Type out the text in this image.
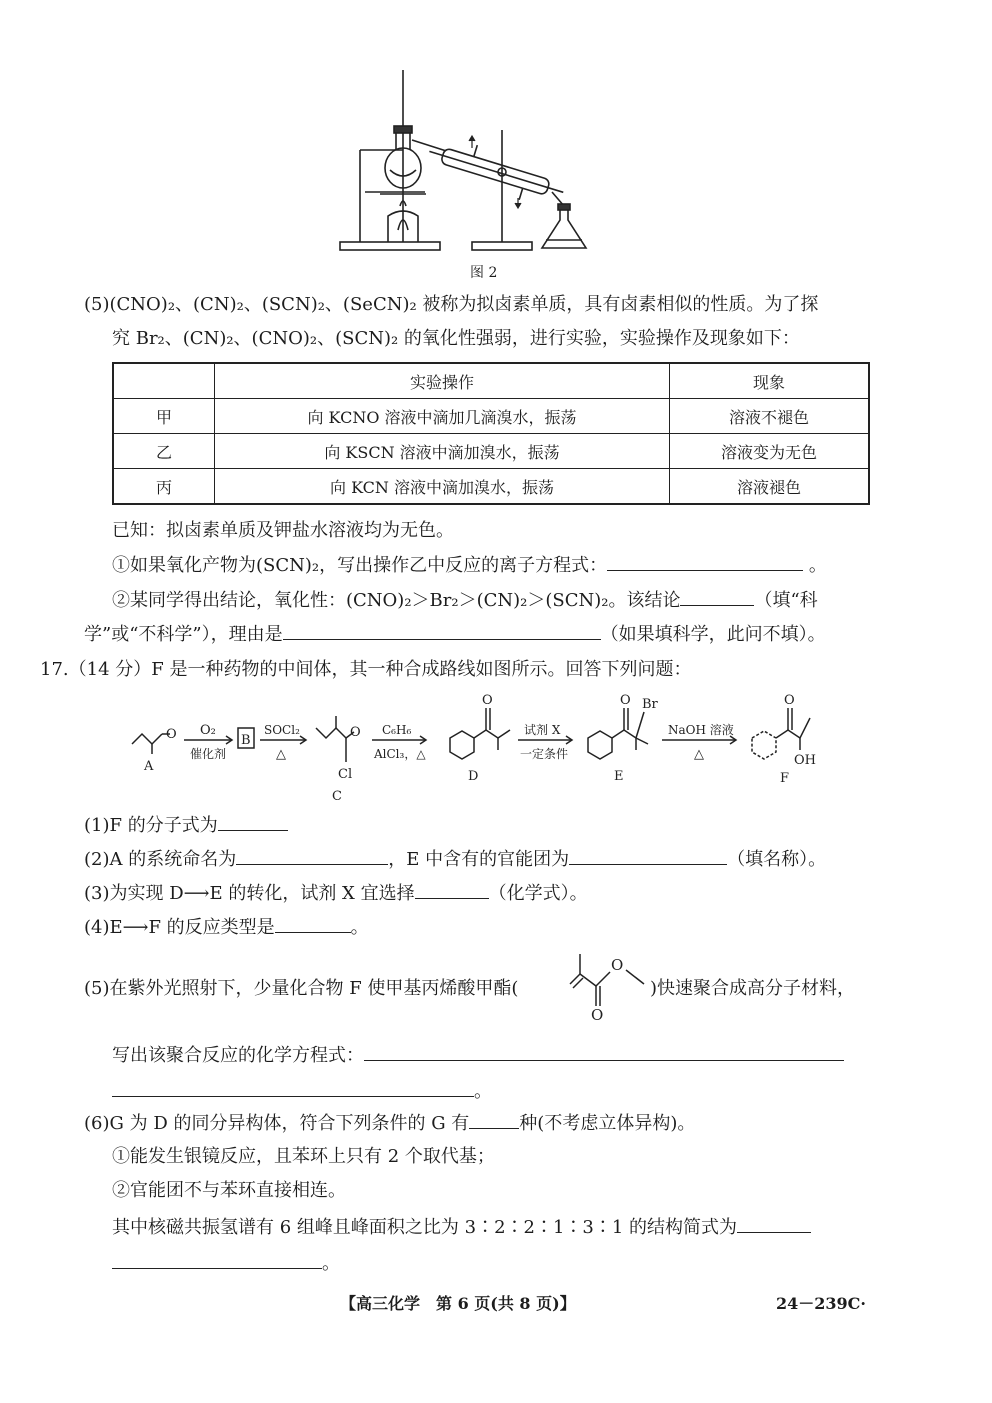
图 2
(5)(CNO)₂、(CN)₂、(SCN)₂、(SeCN)₂ 被称为拟卤素单质，具有卤素相似的性质。为了探
究 Br₂、(CN)₂、(CNO)₂、(SCN)₂ 的氧化性强弱，进行实验，实验操作及现象如下：
	实验操作	现象
甲	向 KCNO 溶液中滴加几滴溴水，振荡	溶液不褪色
乙	向 KSCN 溶液中滴加溴水，振荡	溶液变为无色
丙	向 KCN 溶液中滴加溴水，振荡	溶液褪色
已知：拟卤素单质及钾盐水溶液均为无色。
①如果氧化产物为(SCN)₂，写出操作乙中反应的离子方程式：	。
②某同学得出结论，氧化性：(CNO)₂＞Br₂＞(CN)₂＞(SCN)₂。该结论	（填“科
学”或“不科学”），理由是	（如果填科学，此问不填）。
17.（14 分）F 是一种药物的中间体，其一种合成路线如图所示。回答下列问题：
O
A
O₂
催化剂
B
SOCl₂
△
O
Cl
C
C₆H₆
AlCl₃，△
O
D
试剂 X
一定条件
O Br
E
NaOH 溶液
△
O
OH
F
(1)F 的分子式为
(2)A 的系统命名为	，E 中含有的官能团为	（填名称）。
(3)为实现 D⟶E 的转化，试剂 X 宜选择	（化学式）。
(4)E⟶F 的反应类型是	。
(5)在紫外光照射下，少量化合物 F 使甲基丙烯酸甲酯(
O
O
)快速聚合成高分子材料，
写出该聚合反应的化学方程式：
。
(6)G 为 D 的同分异构体，符合下列条件的 G 有	种(不考虑立体异构)。
①能发生银镜反应，且苯环上只有 2 个取代基；
②官能团不与苯环直接相连。
其中核磁共振氢谱有 6 组峰且峰面积之比为 3∶2∶2∶1∶3∶1 的结构简式为
。
【高三化学　第 6 页(共 8 页)】	24－239C·
